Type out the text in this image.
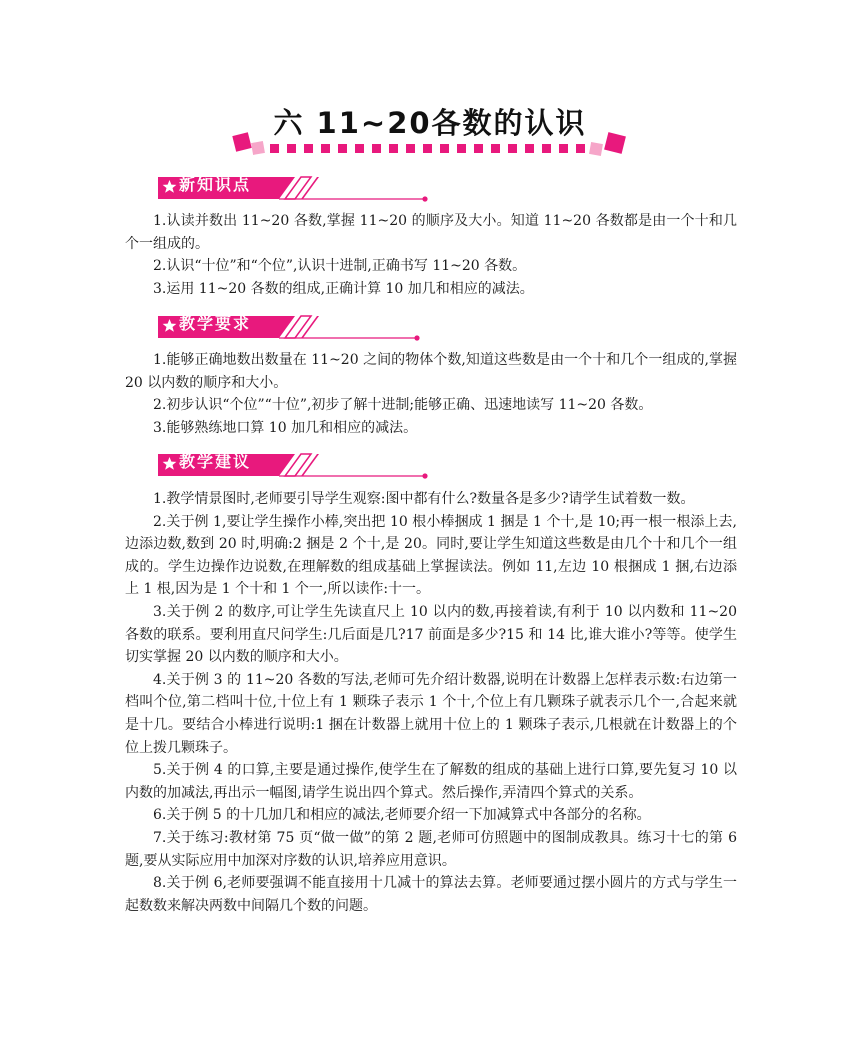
六 11~20各数的认识
新知识点

1.认读并数出 11~20 各数,掌握 11~20 的顺序及大小。知道 11~20 各数都是由一个十和几个一组成的。

2.认识“十位”和“个位”,认识十进制,正确书写 11~20 各数。

3.运用 11~20 各数的组成,正确计算 10 加几和相应的减法。

教学要求

1.能够正确地数出数量在 11~20 之间的物体个数,知道这些数是由一个十和几个一组成的,掌握 20 以内数的顺序和大小。

2.初步认识“个位”“十位”,初步了解十进制;能够正确、迅速地读写 11~20 各数。

3.能够熟练地口算 10 加几和相应的减法。

教学建议

1.教学情景图时,老师要引导学生观察:图中都有什么?数量各是多少?请学生试着数一数。

2.关于例 1,要让学生操作小棒,突出把 10 根小棒捆成 1 捆是 1 个十,是 10;再一根一根添上去,边添边数,数到 20 时,明确:2 捆是 2 个十,是 20。同时,要让学生知道这些数是由几个十和几个一组成的。学生边操作边说数,在理解数的组成基础上掌握读法。例如 11,左边 10 根捆成 1 捆,右边添上 1 根,因为是 1 个十和 1 个一,所以读作:十一。

3.关于例 2 的数序,可让学生先读直尺上 10 以内的数,再接着读,有利于 10 以内数和 11~20 各数的联系。要利用直尺问学生:几后面是几?17 前面是多少?15 和 14 比,谁大谁小?等等。使学生切实掌握 20 以内数的顺序和大小。

4.关于例 3 的 11~20 各数的写法,老师可先介绍计数器,说明在计数器上怎样表示数:右边第一档叫个位,第二档叫十位,十位上有 1 颗珠子表示 1 个十,个位上有几颗珠子就表示几个一,合起来就是十几。要结合小棒进行说明:1 捆在计数器上就用十位上的 1 颗珠子表示,几根就在计数器上的个位上拨几颗珠子。

5.关于例 4 的口算,主要是通过操作,使学生在了解数的组成的基础上进行口算,要先复习 10 以内数的加减法,再出示一幅图,请学生说出四个算式。然后操作,弄清四个算式的关系。

6.关于例 5 的十几加几和相应的减法,老师要介绍一下加减算式中各部分的名称。

7.关于练习:教材第 75 页“做一做”的第 2 题,老师可仿照题中的图制成教具。练习十七的第 6 题,要从实际应用中加深对序数的认识,培养应用意识。

8.关于例 6,老师要强调不能直接用十几减十的算法去算。老师要通过摆小圆片的方式与学生一起数数来解决两数中间隔几个数的问题。
